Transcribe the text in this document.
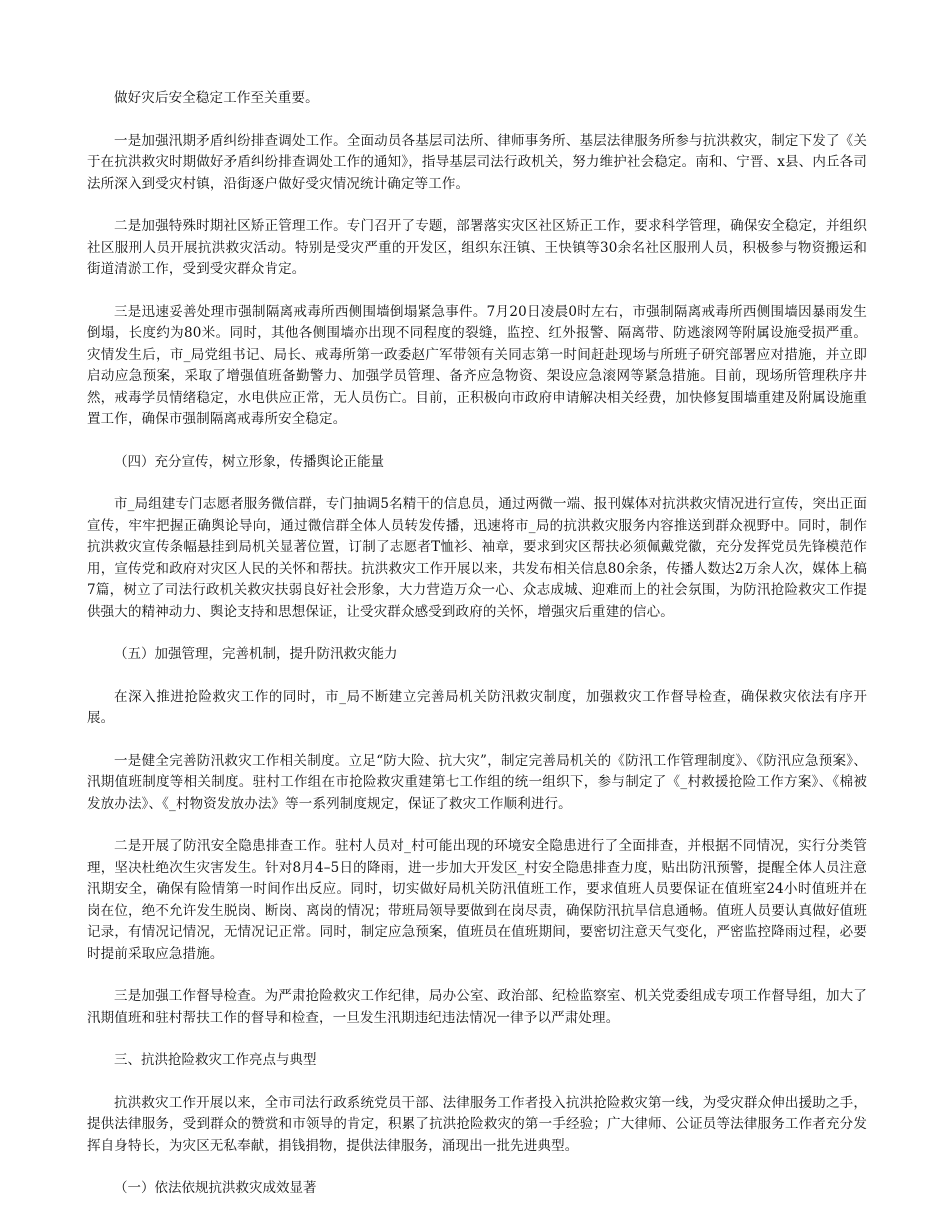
做好灾后安全稳定工作至关重要。

一是加强汛期矛盾纠纷排查调处工作。全面动员各基层司法所、律师事务所、基层法律服务所参与抗洪救灾，制定下发了《关于在抗洪救灾时期做好矛盾纠纷排查调处工作的通知》，指导基层司法行政机关，努力维护社会稳定。南和、宁晋、x县、内丘各司法所深入到受灾村镇，沿街逐户做好受灾情况统计确定等工作。

二是加强特殊时期社区矫正管理工作。专门召开了专题，部署落实灾区社区矫正工作，要求科学管理，确保安全稳定，并组织社区服刑人员开展抗洪救灾活动。特别是受灾严重的开发区，组织东汪镇、王快镇等30余名社区服刑人员，积极参与物资搬运和街道清淤工作，受到受灾群众肯定。

三是迅速妥善处理市强制隔离戒毒所西侧围墙倒塌紧急事件。7月20日凌晨0时左右，市强制隔离戒毒所西侧围墙因暴雨发生倒塌，长度约为80米。同时，其他各侧围墙亦出现不同程度的裂缝，监控、红外报警、隔离带、防逃滚网等附属设施受损严重。灾情发生后，市_局党组书记、局长、戒毒所第一政委赵广军带领有关同志第一时间赶赴现场与所班子研究部署应对措施，并立即启动应急预案，采取了增强值班备勤警力、加强学员管理、备齐应急物资、架设应急滚网等紧急措施。目前，现场所管理秩序井然，戒毒学员情绪稳定，水电供应正常，无人员伤亡。目前，正积极向市政府申请解决相关经费，加快修复围墙重建及附属设施重置工作，确保市强制隔离戒毒所安全稳定。

（四）充分宣传，树立形象，传播舆论正能量

市_局组建专门志愿者服务微信群，专门抽调5名精干的信息员，通过两微一端、报刊媒体对抗洪救灾情况进行宣传，突出正面宣传，牢牢把握正确舆论导向，通过微信群全体人员转发传播，迅速将市_局的抗洪救灾服务内容推送到群众视野中。同时，制作抗洪救灾宣传条幅悬挂到局机关显著位置，订制了志愿者T恤衫、袖章，要求到灾区帮扶必须佩戴党徽，充分发挥党员先锋模范作用，宣传党和政府对灾区人民的关怀和帮扶。抗洪救灾工作开展以来，共发布相关信息80余条，传播人数达2万余人次，媒体上稿7篇，树立了司法行政机关救灾扶弱良好社会形象，大力营造万众一心、众志成城、迎难而上的社会氛围，为防汛抢险救灾工作提供强大的精神动力、舆论支持和思想保证，让受灾群众感受到政府的关怀，增强灾后重建的信心。

（五）加强管理，完善机制，提升防汛救灾能力

在深入推进抢险救灾工作的同时，市_局不断建立完善局机关防汛救灾制度，加强救灾工作督导检查，确保救灾依法有序开展。

一是健全完善防汛救灾工作相关制度。立足“防大险、抗大灾”，制定完善局机关的《防汛工作管理制度》、《防汛应急预案》、汛期值班制度等相关制度。驻村工作组在市抢险救灾重建第七工作组的统一组织下，参与制定了《_村救援抢险工作方案》、《棉被发放办法》、《_村物资发放办法》等一系列制度规定，保证了救灾工作顺利进行。

二是开展了防汛安全隐患排查工作。驻村人员对_村可能出现的环境安全隐患进行了全面排查，并根据不同情况，实行分类管理，坚决杜绝次生灾害发生。针对8月4–5日的降雨，进一步加大开发区_村安全隐患排查力度，贴出防汛预警，提醒全体人员注意汛期安全，确保有险情第一时间作出反应。同时，切实做好局机关防汛值班工作，要求值班人员要保证在值班室24小时值班并在岗在位，绝不允许发生脱岗、断岗、离岗的情况；带班局领导要做到在岗尽责，确保防汛抗旱信息通畅。值班人员要认真做好值班记录，有情况记情况，无情况记正常。同时，制定应急预案，值班员在值班期间，要密切注意天气变化，严密监控降雨过程，必要时提前采取应急措施。

三是加强工作督导检查。为严肃抢险救灾工作纪律，局办公室、政治部、纪检监察室、机关党委组成专项工作督导组，加大了汛期值班和驻村帮扶工作的督导和检查，一旦发生汛期违纪违法情况一律予以严肃处理。

三、抗洪抢险救灾工作亮点与典型

抗洪救灾工作开展以来，全市司法行政系统党员干部、法律服务工作者投入抗洪抢险救灾第一线，为受灾群众伸出援助之手，提供法律服务，受到群众的赞赏和市领导的肯定，积累了抗洪抢险救灾的第一手经验；广大律师、公证员等法律服务工作者充分发挥自身特长，为灾区无私奉献，捐钱捐物，提供法律服务，涌现出一批先进典型。

（一）依法依规抗洪救灾成效显著
